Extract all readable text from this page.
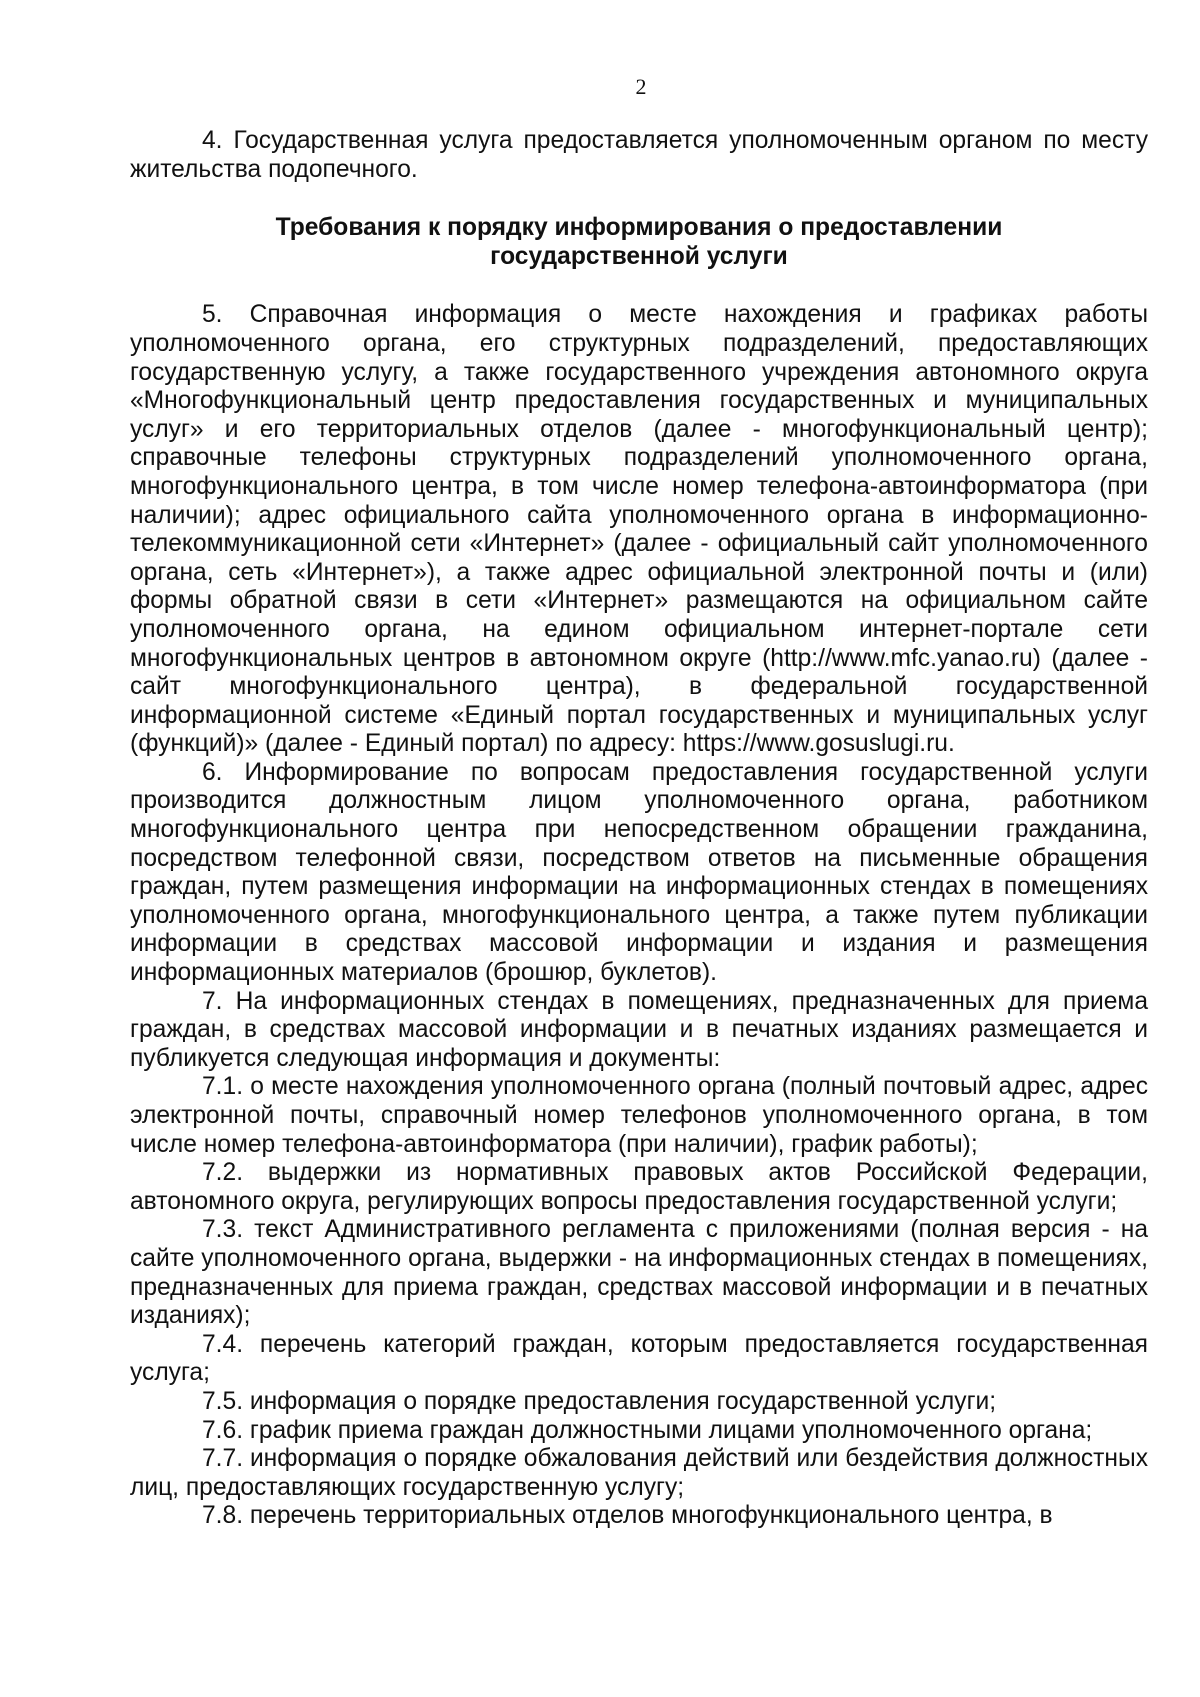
2

4. Государственная услуга предоставляется уполномоченным органом по месту жительства подопечного.

Требования к порядку информирования о предоставлении
государственной услуги

5. Справочная информация о месте нахождения и графиках работы уполномоченного органа, его структурных подразделений, предоставляющих государственную услугу, а также государственного учреждения автономного округа «Многофункциональный центр предоставления государственных и муниципальных услуг» и его территориальных отделов (далее - многофункциональный центр); справочные телефоны структурных подразделений уполномоченного органа, многофункционального центра, в том числе номер телефона-автоинформатора (при наличии); адрес официального сайта уполномоченного органа в информационно-телекоммуникационной сети «Интернет» (далее - официальный сайт уполномоченного органа, сеть «Интернет»), а также адрес официальной электронной почты и (или) формы обратной связи в сети «Интернет» размещаются на официальном сайте уполномоченного органа, на едином официальном интернет-портале сети многофункциональных центров в автономном округе (http://www.mfc.yanao.ru) (далее - сайт многофункционального центра), в федеральной государственной информационной системе «Единый портал государственных и муниципальных услуг (функций)» (далее - Единый портал) по адресу: https://www.gosuslugi.ru.

6. Информирование по вопросам предоставления государственной услуги производится должностным лицом уполномоченного органа, работником многофункционального центра при непосредственном обращении гражданина, посредством телефонной связи, посредством ответов на письменные обращения граждан, путем размещения информации на информационных стендах в помещениях уполномоченного органа, многофункционального центра, а также путем публикации информации в средствах массовой информации и издания и размещения информационных материалов (брошюр, буклетов).

7. На информационных стендах в помещениях, предназначенных для приема граждан, в средствах массовой информации и в печатных изданиях размещается и публикуется следующая информация и документы:

7.1. о месте нахождения уполномоченного органа (полный почтовый адрес, адрес электронной почты, справочный номер телефонов уполномоченного органа, в том числе номер телефона-автоинформатора (при наличии), график работы);

7.2. выдержки из нормативных правовых актов Российской Федерации, автономного округа, регулирующих вопросы предоставления государственной услуги;

7.3. текст Административного регламента с приложениями (полная версия - на сайте уполномоченного органа, выдержки - на информационных стендах в помещениях, предназначенных для приема граждан, средствах массовой информации и в печатных изданиях);

7.4. перечень категорий граждан, которым предоставляется государственная услуга;

7.5. информация о порядке предоставления государственной услуги;

7.6. график приема граждан должностными лицами уполномоченного органа;

7.7. информация о порядке обжалования действий или бездействия должностных лиц, предоставляющих государственную услугу;

7.8. перечень территориальных отделов многофункционального центра, в
